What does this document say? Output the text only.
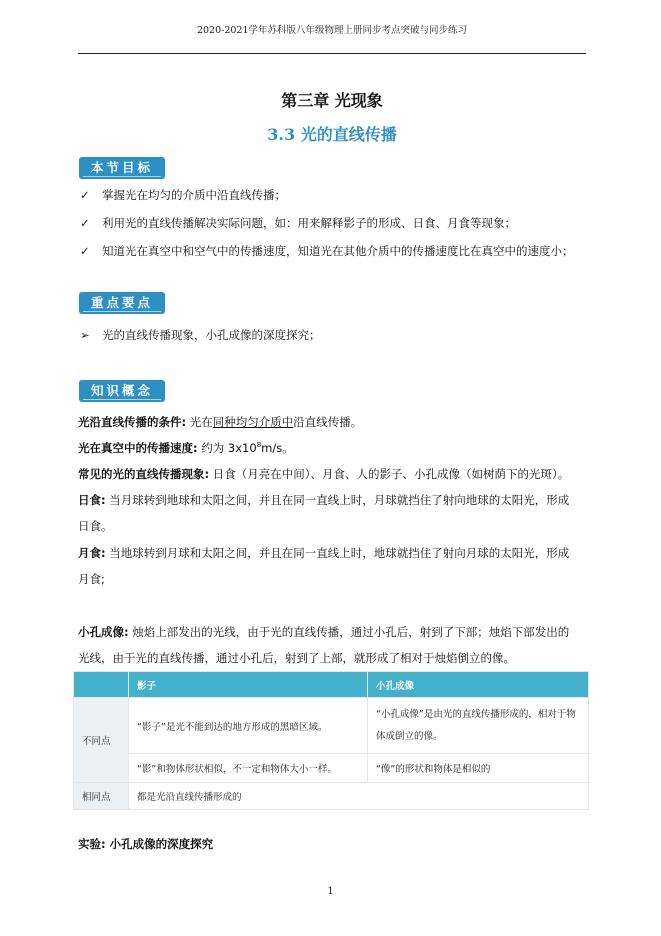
2020-2021学年苏科版八年级物理上册同步考点突破与同步练习
第三章 光现象
3.3 光的直线传播
本节目标
✓ 掌握光在均匀的介质中沿直线传播；
✓ 利用光的直线传播解决实际问题，如：用来解释影子的形成、日食、月食等现象；
✓ 知道光在真空中和空气中的传播速度，知道光在其他介质中的传播速度比在真空中的速度小；
重点要点
➢ 光的直线传播现象，小孔成像的深度探究；
知识概念
光沿直线传播的条件: 光在同种均匀介质中沿直线传播。
光在真空中的传播速度: 约为 $3x10^8m/s$。
常见的光的直线传播现象: 日食（月亮在中间）、月食、人的影子、小孔成像（如树荫下的光斑）。
日食: 当月球转到地球和太阳之间，并且在同一直线上时，月球就挡住了射向地球的太阳光，形成
日食。
月食: 当地球转到月球和太阳之间，并且在同一直线上时，地球就挡住了射向月球的太阳光，形成
月食;
小孔成像: 烛焰上部发出的光线，由于光的直线传播，通过小孔后，射到了下部；烛焰下部发出的
光线，由于光的直线传播，通过小孔后，射到了上部，就形成了相对于烛焰倒立的像。
	影子	小孔成像
不同点	“影子”是光不能到达的地方形成的黑暗区域。	“小孔成像”是由光的直线传播形成的，相对于物体成倒立的像。
	“影”和物体形状相似，不一定和物体大小一样。	“像”的形状和物体是相似的
相同点	都是光沿直线传播形成的	
实验: 小孔成像的深度探究
1
